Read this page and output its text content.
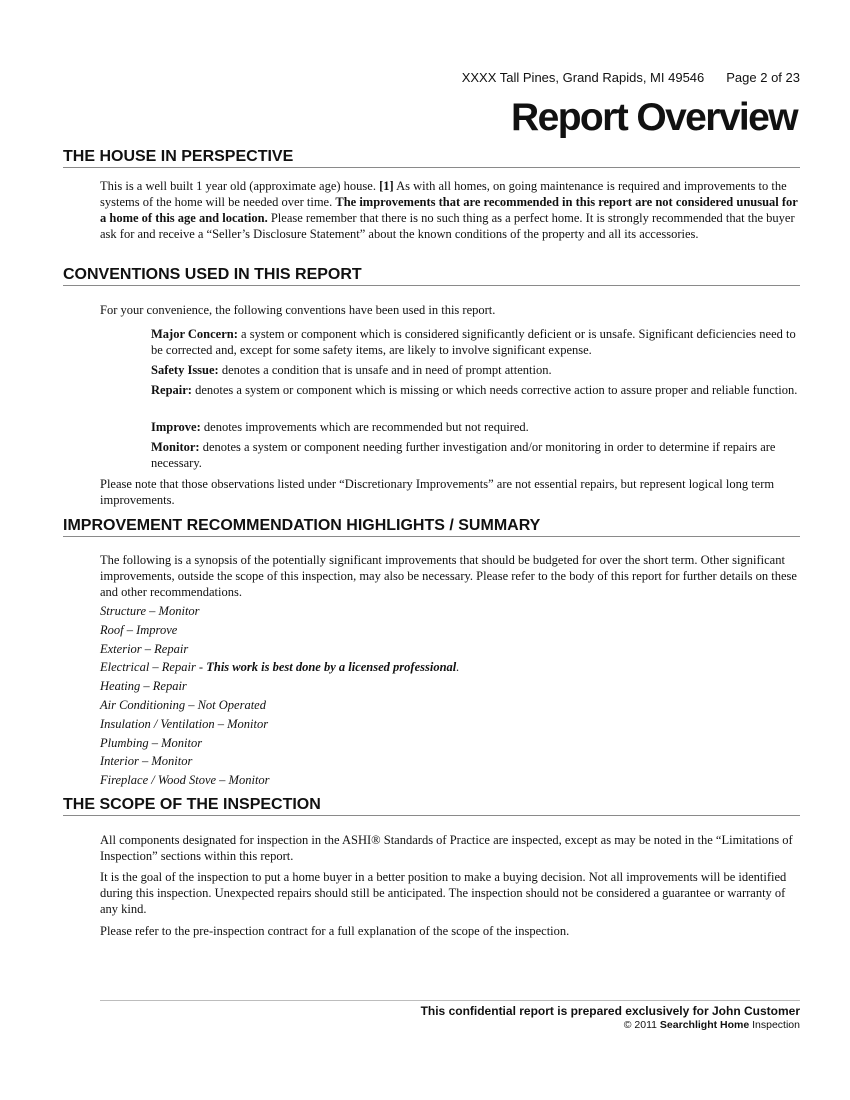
XXXX Tall Pines, Grand Rapids, MI 49546 Page 2 of 23
Report Overview
THE HOUSE IN PERSPECTIVE

This is a well built 1 year old (approximate age) house. [1] As with all homes, on going maintenance is required and improvements to the systems of the home will be needed over time. The improvements that are recommended in this report are not considered unusual for a home of this age and location. Please remember that there is no such thing as a perfect home. It is strongly recommended that the buyer ask for and receive a “Seller’s Disclosure Statement” about the known conditions of the property and all its accessories.

CONVENTIONS USED IN THIS REPORT

For your convenience, the following conventions have been used in this report.

Major Concern: a system or component which is considered significantly deficient or is unsafe. Significant deficiencies need to be corrected and, except for some safety items, are likely to involve significant expense.

Safety Issue: denotes a condition that is unsafe and in need of prompt attention.

Repair: denotes a system or component which is missing or which needs corrective action to assure proper and reliable function.

Improve: denotes improvements which are recommended but not required.

Monitor: denotes a system or component needing further investigation and/or monitoring in order to determine if repairs are necessary.

Please note that those observations listed under “Discretionary Improvements” are not essential repairs, but represent logical long term improvements.

IMPROVEMENT RECOMMENDATION HIGHLIGHTS / SUMMARY

The following is a synopsis of the potentially significant improvements that should be budgeted for over the short term. Other significant improvements, outside the scope of this inspection, may also be necessary. Please refer to the body of this report for further details on these and other recommendations.

Structure – Monitor

Roof – Improve

Exterior – Repair

Electrical – Repair - This work is best done by a licensed professional.

Heating – Repair

Air Conditioning – Not Operated

Insulation / Ventilation – Monitor

Plumbing – Monitor

Interior – Monitor

Fireplace / Wood Stove – Monitor

THE SCOPE OF THE INSPECTION

All components designated for inspection in the ASHI® Standards of Practice are inspected, except as may be noted in the “Limitations of Inspection” sections within this report.

It is the goal of the inspection to put a home buyer in a better position to make a buying decision. Not all improvements will be identified during this inspection. Unexpected repairs should still be anticipated. The inspection should not be considered a guarantee or warranty of any kind.

Please refer to the pre-inspection contract for a full explanation of the scope of the inspection.

This confidential report is prepared exclusively for John Customer
© 2011 Searchlight Home Inspection
